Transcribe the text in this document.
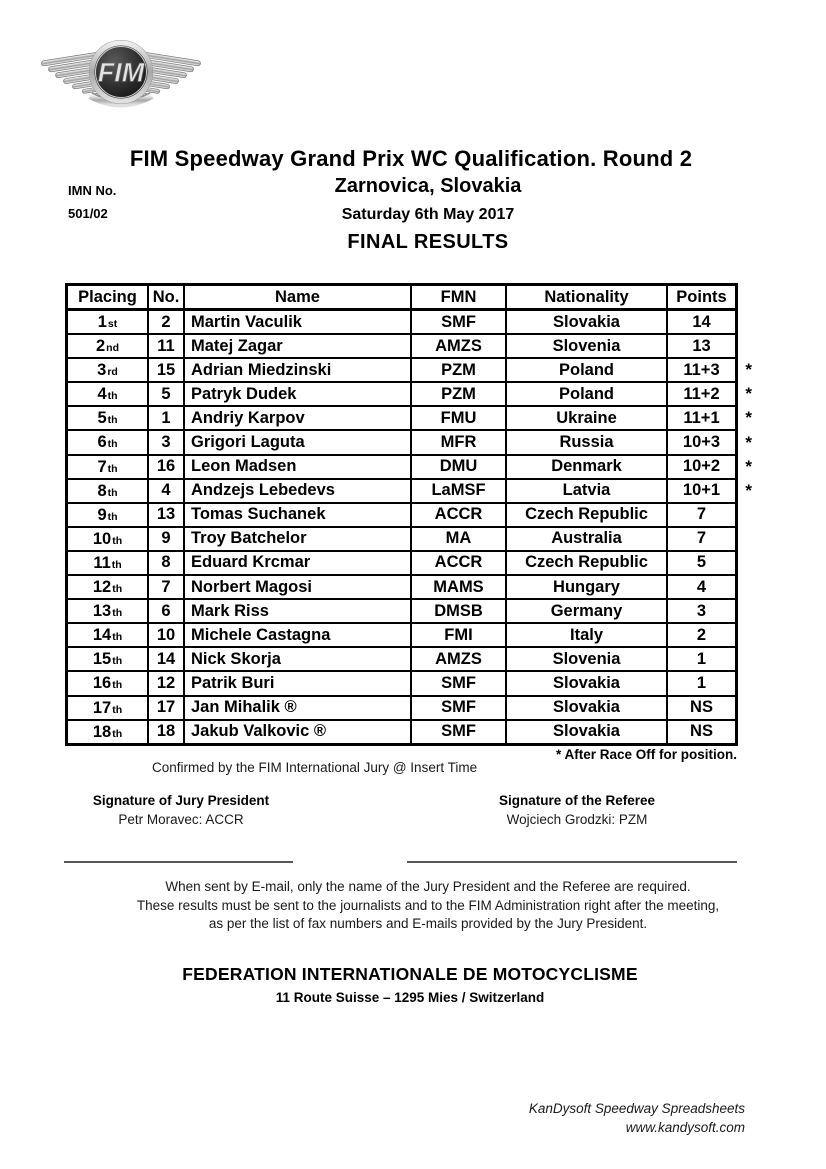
FIM
FIM Speedway Grand Prix WC Qualification. Round 2
IMN No.
501/02
Zarnovica, Slovakia
Saturday 6th May 2017
FINAL RESULTS
Placing No.	Name	FMN	Nationality	Points
1 st	2	Martin Vaculik	SMF	Slovakia	14
2 nd	11 Matej Zagar	AMZS	Slovenia	13
3 rd	15 Adrian Miedzinski	PZM	Poland	11+3	*
4 th	5	Patryk Dudek	PZM	Poland	11+2	*
5 th	1	Andriy Karpov	FMU	Ukraine	11+1	*
6 th	3	Grigori Laguta	MFR	Russia	10+3	*
7 th	16 Leon Madsen	DMU	Denmark	10+2	*
8 th	4	Andzejs Lebedevs	LaMSF	Latvia	10+1	*
9 th	13 Tomas Suchanek	ACCR	Czech Republic	7
10 th	9	Troy Batchelor	MA	Australia	7
11 th	8	Eduard Krcmar	ACCR	Czech Republic	5
12 th	7	Norbert Magosi	MAMS	Hungary	4
13 th	6	Mark Riss	DMSB	Germany	3
14 th	10 Michele Castagna	FMI	Italy	2
15 th	14 Nick Skorja	AMZS	Slovenia	1
16 th	12 Patrik Buri	SMF	Slovakia	1
17 th	17 Jan Mihalik ®	SMF	Slovakia	NS
18 th	18 Jakub Valkovic ®	SMF	Slovakia	NS
* After Race Off for position.
Confirmed by the FIM International Jury @ Insert Time
Signature of Jury President
Petr Moravec: ACCR
Signature of the Referee
Wojciech Grodzki: PZM
When sent by E-mail, only the name of the Jury President and the Referee are required.
These results must be sent to the journalists and to the FIM Administration right after the meeting,
as per the list of fax numbers and E-mails provided by the Jury President.
FEDERATION INTERNATIONALE DE MOTOCYCLISME
11 Route Suisse – 1295 Mies / Switzerland
KanDysoft Speedway Spreadsheets
www.kandysoft.com
